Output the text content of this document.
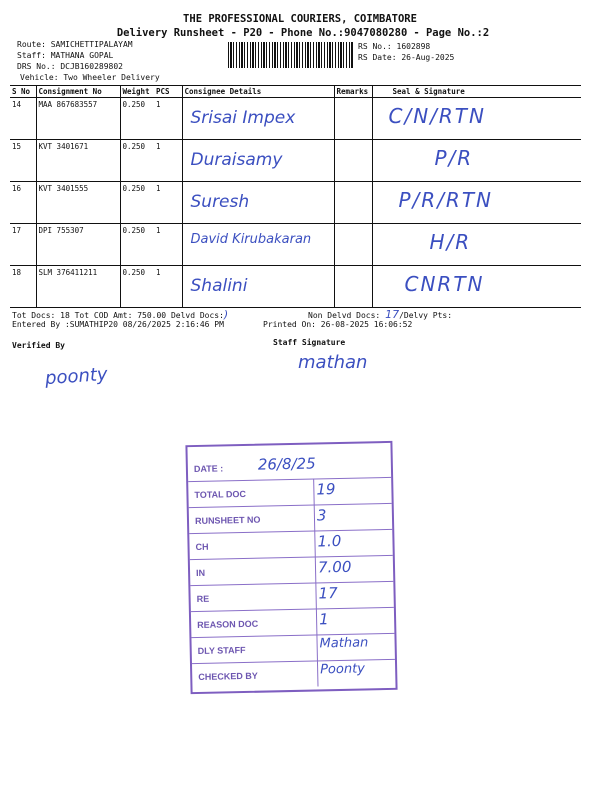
THE PROFESSIONAL COURIERS, COIMBATORE
Delivery Runsheet - P20 - Phone No.:9047080280 - Page No.:2
Route: SAMICHETTIPALAYAM
Staff: MATHANA GOPAL
DRS No.: DCJB160289802
Vehicle: Two Wheeler Delivery
RS No.: 1602898
RS Date: 26-Aug-2025
S No	Consignment No	Weight	PCS	Consignee Details	Remarks	Seal & Signature
14	MAA 867683557	0.250	1	Srisai Impex		C/N/RTN

15	KVT 3401671	0.250	1	Duraisamy		P/R

16	KVT 3401555	0.250	1	Suresh		P/R/RTN

17	DPI 755307	0.250	1	David Kirubakaran		H/R

18	SLM 376411211	0.250	1	Shalini		CNRTN
Tot Docs: 18 Tot COD Amt: 750.00 Delvd Docs:)	Non Delvd Docs: 17/Delvy Pts:
Entered By :SUMATHIP20 08/26/2025 2:16:46 PM	Printed On: 26-08-2025 16:06:52
Verified By	Staff Signature
poonty
mathan
DATE : 26/8/25
TOTAL DOC	19
RUNSHEET NO	3
CH	1.0
IN	7.00
RE	17
REASON DOC	1
DLY STAFF	Mathan
CHECKED BY	Poonty
